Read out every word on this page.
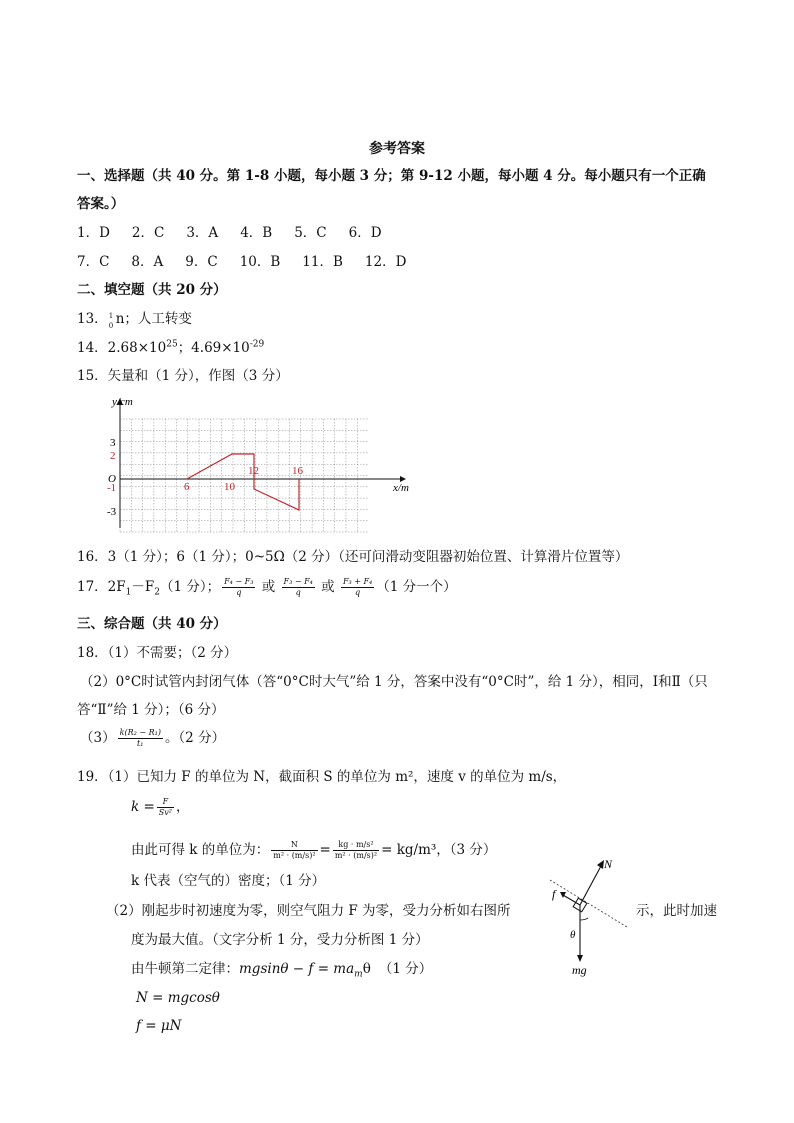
参考答案
一、选择题（共 40 分。第 1-8 小题，每小题 3 分；第 9-12 小题，每小题 4 分。每小题只有一个正确
答案。）
1．D 2．C 3．A 4．B 5．C 6．D
7．C 8．A 9．C 10．B 11．B 12．D
二、填空题（共 20 分）
13． 1
0 n；人工转变
14．$2.68\times 10^{25}$；$4.69\times 10^{-29}$
15．矢量和（1 分），作图（3 分）
y/cm
x/m
O
3
2
-1
-3
6	10
12	16
16．3（1 分）；6（1 分）；0~5Ω（2 分）（还可问滑动变阻器初始位置、计算滑片位置等）
17．$2F_1-F_2(1$ 分）； $\frac{\text{F₄ − F₃}}{q}$ 或 $\frac{\text{F₃ − F₄}}{q}$ 或 $\frac{\text{F₃ + F₄}}{q} (1$ 分一个）
三、综合题（共 40 分）
18．（1）不需要；（2 分）
（2）0°C时试管内封闭气体（答“0°C时大气”给 1 分，答案中没有“0°C时”，给 1 分），相同，Ⅰ和Ⅱ（只
答“Ⅱ”给 1 分）；（6 分）
$(3) \frac{\text{k(R₂ − R₁)}}{\text{t₁}}$ 。（2 分）
19．（1）已知力 F 的单位为 N，截面积 S 的单位为 m²，速度 v 的单位为 m/s，
$k = \frac{F}{\text{Sv²}}$ ，
由此可得 k 的单位为： $\frac{N}{\text{m² · (m/s)²}} = \frac{\text{kg · m/s²}}{\text{m² · (m/s)²}} = kg/m^3$，（3 分）
k 代表（空气的）密度；（1 分）
（2）刚起步时初速度为零，则空气阻力 F 为零，受力分析如右图所	示，此时加速
度为最大值。（文字分析 1 分，受力分析图 1 分）
由牛顿第二定律：$mgsin\theta - f = ma_m\theta$ （1 分）
N = mgcosθ
f = μN
N
f
mg
θ
